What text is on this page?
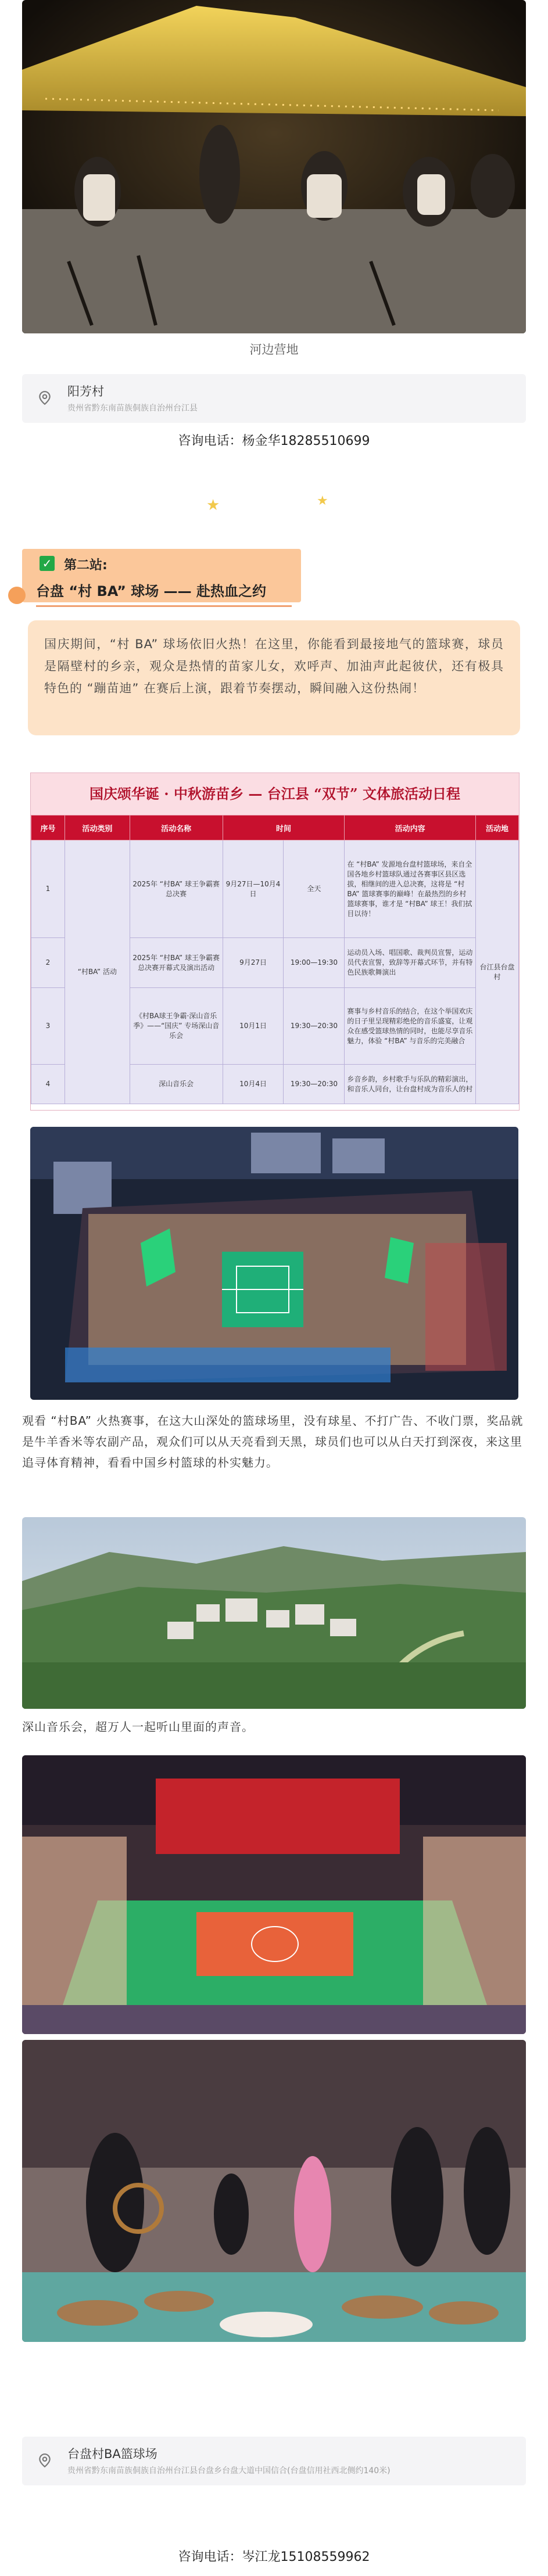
河边营地
阳芳村
贵州省黔东南苗族侗族自治州台江县
咨询电话：杨金华18285510699
★	★
✓ 第二站:
台盘 “村 BA” 球场 —— 赴热血之约

国庆期间，“村 BA” 球场依旧火热！在这里，你能看到最接地气的篮球赛，球员是隔壁村的乡亲，观众是热情的苗家儿女，欢呼声、加油声此起彼伏，还有极具特色的 “蹦苗迪” 在赛后上演，跟着节奏摆动，瞬间融入这份热闹！

国庆颂华诞 · 中秋游苗乡 — 台江县 “双节” 文体旅活动日程
序号	活动类别	活动名称	时间		活动内容	活动地
1	“村BA” 活动	2025年 “村BA” 球王争霸赛总决赛	9月27日—10月4日	全天	在 “村BA” 发源地台盘村篮球场，来自全国各地乡村篮球队通过各赛事区县区选拔，相继间的进入总决赛，这将是 “村BA” 篮球赛事的巅峰！在最热烈的乡村篮球赛事，谁才是 “村BA” 球王！我们拭目以待！	台江县台盘村
2		2025年 “村BA” 球王争霸赛总决赛开幕式及演出活动	9月27日	19:00—19:30	运动员入场、唱国歌、裁判员宣誓，运动员代表宣誓，致辞等开幕式环节，并有特色民族歌舞演出	
3		《村BA球王争霸·深山音乐季》——“国庆” 专场深山音乐会	10月1日	19:30—20:30	赛事与乡村音乐的结合，在这个举国欢庆的日子里呈现精彩绝伦的音乐盛宴，让观众在感受篮球热情的同时，也能尽享音乐魅力，体验 “村BA” 与音乐的完美融合	
4		深山音乐会	10月4日	19:30—20:30	乡音乡韵，乡村歌手与乐队的精彩演出，和音乐人同台，让台盘村成为音乐人的村	
观看 “村BA” 火热赛事，在这大山深处的篮球场里，没有球星、不打广告、不收门票，奖品就是牛羊香米等农副产品，观众们可以从天亮看到天黑，球员们也可以从白天打到深夜，来这里追寻体育精神，看看中国乡村篮球的朴实魅力。
深山音乐会，超万人一起听山里面的声音。
台盘村BA篮球场
贵州省黔东南苗族侗族自治州台江县台盘乡台盘大道中国信合(台盘信用社西北侧约140米)
咨询电话：岑江龙15108559962
